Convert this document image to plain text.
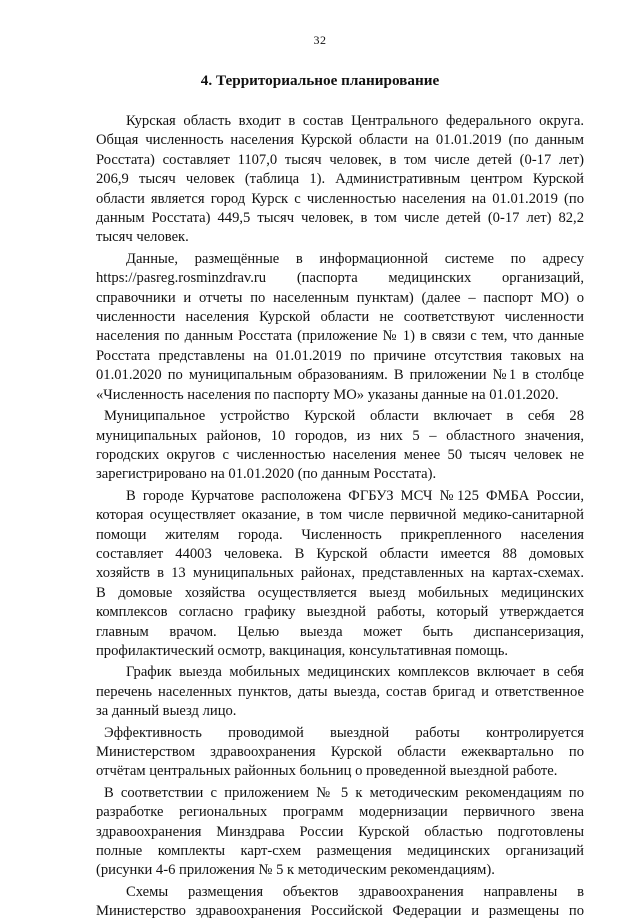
32
4. Территориальное планирование
Курская область входит в состав Центрального федерального округа.
Общая численность населения Курской области на 01.01.2019 (по данным
Росстата) составляет 1107,0 тысяч человек, в том числе детей (0-17 лет)
206,9 тысяч человек (таблица 1). Административным центром Курской
области является город Курск с численностью населения на 01.01.2019 (по
данным Росстата) 449,5 тысяч человек, в том числе детей (0-17 лет) 82,2
тысяч человек.
Данные, размещённые в информационной системе по адресу
https://pasreg.rosminzdrav.ru (паспорта медицинских организаций,
справочники и отчеты по населенным пунктам) (далее – паспорт МО) о
численности населения Курской области не соответствуют численности
населения по данным Росстата (приложение № 1) в связи с тем, что данные
Росстата представлены на 01.01.2019 по причине отсутствия таковых на
01.01.2020 по муниципальным образованиям. В приложении №1 в столбце
«Численность населения по паспорту МО» указаны данные на 01.01.2020.
Муниципальное устройство Курской области включает в себя 28
муниципальных районов, 10 городов, из них 5 – областного значения,
городских округов с численностью населения менее 50 тысяч человек не
зарегистрировано на 01.01.2020 (по данным Росстата).
В городе Курчатове расположена ФГБУЗ МСЧ №125 ФМБА России,
которая осуществляет оказание, в том числе первичной медико-санитарной
помощи жителям города. Численность прикрепленного населения
составляет 44003 человека. В Курской области имеется 88 домовых
хозяйств в 13 муниципальных районах, представленных на картах-схемах.
В домовые хозяйства осуществляется выезд мобильных медицинских
комплексов согласно графику выездной работы, который утверждается
главным врачом. Целью выезда может быть диспансеризация,
профилактический осмотр, вакцинация, консультативная помощь.
График выезда мобильных медицинских комплексов включает в себя
перечень населенных пунктов, даты выезда, состав бригад и ответственное
за данный выезд лицо.
Эффективность проводимой выездной работы контролируется
Министерством здравоохранения Курской области ежеквартально по
отчётам центральных районных больниц о проведенной выездной работе.
В соответствии с приложением № 5 к методическим рекомендациям по
разработке региональных программ модернизации первичного звена
здравоохранения Минздрава России Курской областью подготовлены
полные комплекты карт-схем размещения медицинских организаций
(рисунки 4-6 приложения № 5 к методическим рекомендациям).
Схемы размещения объектов здравоохранения направлены в
Министерство здравоохранения Российской Федерации и размещены по
